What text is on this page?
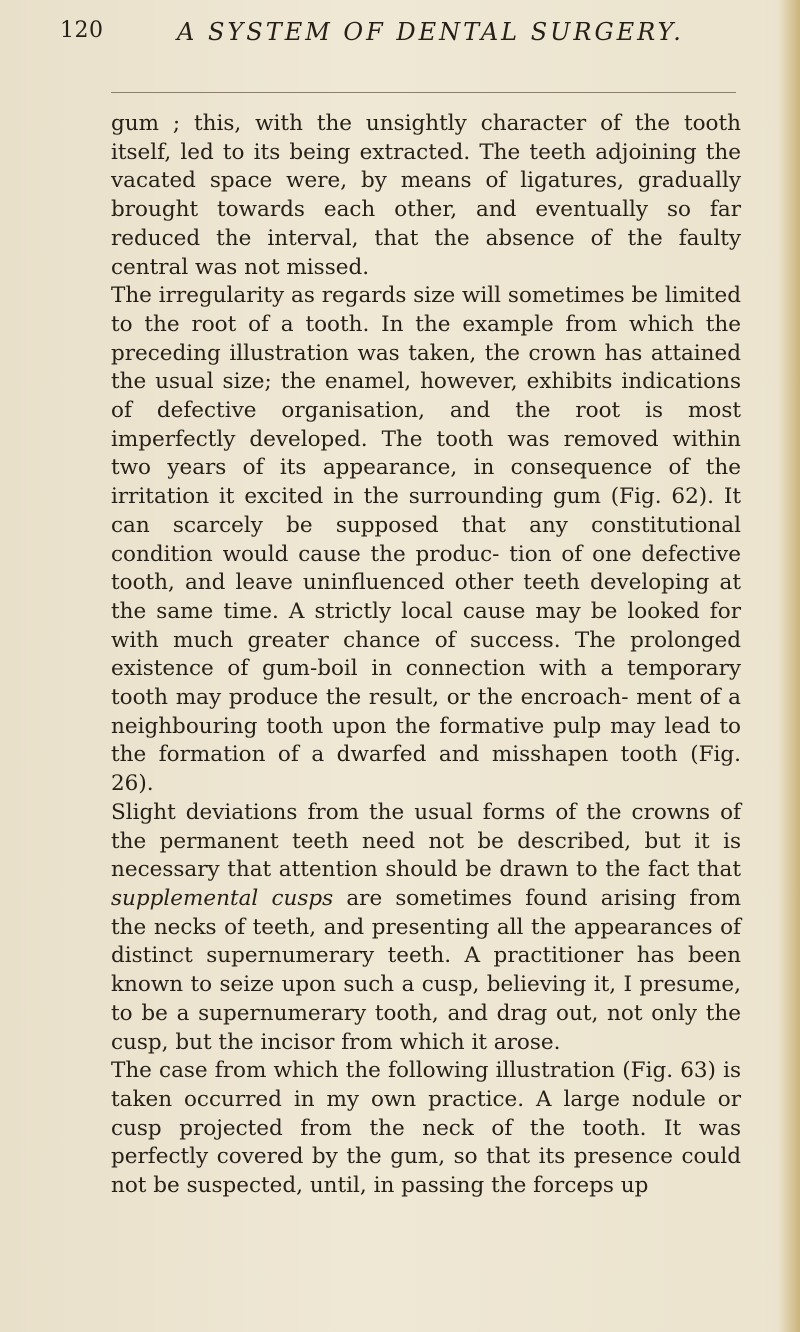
120	A SYSTEM OF DENTAL SURGERY.

gum ; this, with the unsightly character of the tooth itself, led to its being extracted. The teeth adjoining the vacated space were, by means of ligatures, gradually brought towards each other, and eventually so far reduced the interval, that the absence of the faulty central was not missed.

The irregularity as regards size will sometimes be limited to the root of a tooth. In the example from which the preceding illustration was taken, the crown has attained the usual size; the enamel, however, exhibits indications of defective organisation, and the root is most imperfectly developed. The tooth was removed within two years of its appearance, in consequence of the irritation it excited in the surrounding gum (Fig. 62). It can scarcely be supposed that any constitutional condition would cause the produc- tion of one defective tooth, and leave uninfluenced other teeth developing at the same time. A strictly local cause may be looked for with much greater chance of success. The prolonged existence of gum-boil in connection with a temporary tooth may produce the result, or the encroach- ment of a neighbouring tooth upon the formative pulp may lead to the formation of a dwarfed and misshapen tooth (Fig. 26).

Slight deviations from the usual forms of the crowns of the permanent teeth need not be described, but it is necessary that attention should be drawn to the fact that supplemental cusps are sometimes found arising from the necks of teeth, and presenting all the appearances of distinct supernumerary teeth. A practitioner has been known to seize upon such a cusp, believing it, I presume, to be a supernumerary tooth, and drag out, not only the cusp, but the incisor from which it arose.

The case from which the following illustration (Fig. 63) is taken occurred in my own practice. A large nodule or cusp projected from the neck of the tooth. It was perfectly covered by the gum, so that its presence could not be suspected, until, in passing the forceps up
